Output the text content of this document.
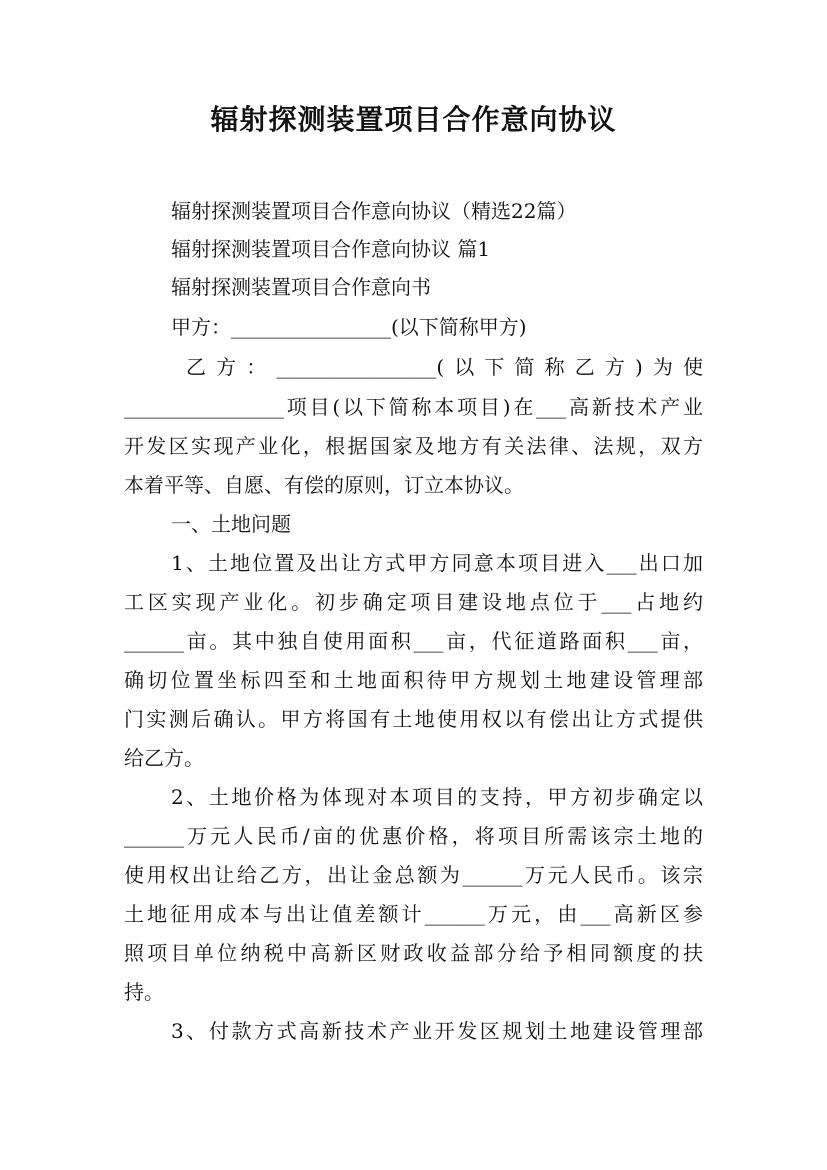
辐射探测装置项目合作意向协议
辐射探测装置项目合作意向协议（精选22篇）
辐射探测装置项目合作意向协议 篇1
辐射探测装置项目合作意向书
甲方：________________(以下简称甲方)
乙方：________________(以下简称乙方)为使
________________项目(以下简称本项目)在___高新技术产业
开发区实现产业化，根据国家及地方有关法律、法规，双方
本着平等、自愿、有偿的原则，订立本协议。
一、土地问题
1、土地位置及出让方式甲方同意本项目进入___出口加
工区实现产业化。初步确定项目建设地点位于___占地约
______亩。其中独自使用面积___亩，代征道路面积___亩，
确切位置坐标四至和土地面积待甲方规划土地建设管理部
门实测后确认。甲方将国有土地使用权以有偿出让方式提供
给乙方。
2、土地价格为体现对本项目的支持，甲方初步确定以
______万元人民币/亩的优惠价格，将项目所需该宗土地的
使用权出让给乙方，出让金总额为______万元人民币。该宗
土地征用成本与出让值差额计______万元，由___高新区参
照项目单位纳税中高新区财政收益部分给予相同额度的扶
持。
3、付款方式高新技术产业开发区规划土地建设管理部
